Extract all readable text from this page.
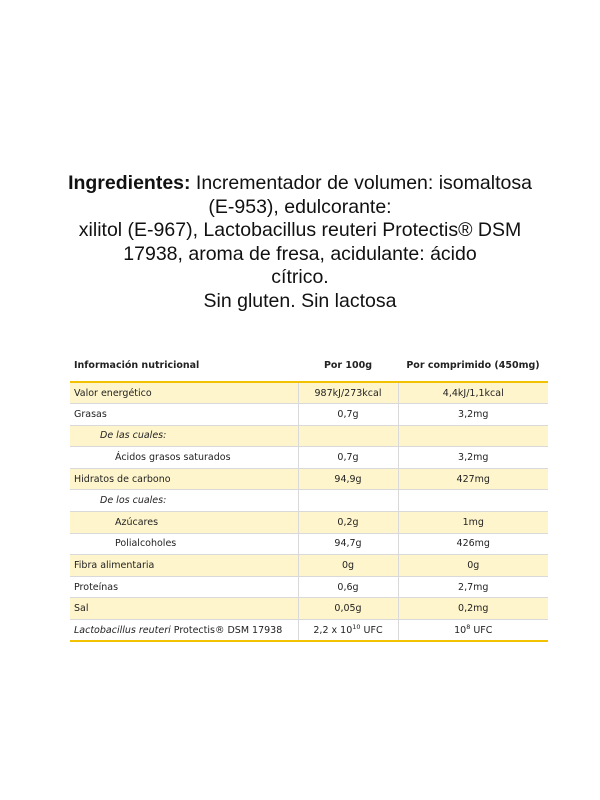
Ingredientes: Incrementador de volumen: isomaltosa
(E-953), edulcorante:
xilitol (E-967), Lactobacillus reuteri Protectis® DSM
17938, aroma de fresa, acidulante: ácido
cítrico.
Sin gluten. Sin lactosa
Información nutricional	Por 100g	Por comprimido (450mg)
Valor energético	987kJ/273kcal	4,4kJ/1,1kcal
Grasas	0,7g	3,2mg
De las cuales:		
Ácidos grasos saturados	0,7g	3,2mg
Hidratos de carbono	94,9g	427mg
De los cuales:		
Azúcares	0,2g	1mg
Polialcoholes	94,7g	426mg
Fibra alimentaria	0g	0g
Proteínas	0,6g	2,7mg
Sal	0,05g	0,2mg
Lactobacillus reuteri Protectis® DSM 17938	2,2 x $10^{10}$ UFC	$10^8$ UFC
